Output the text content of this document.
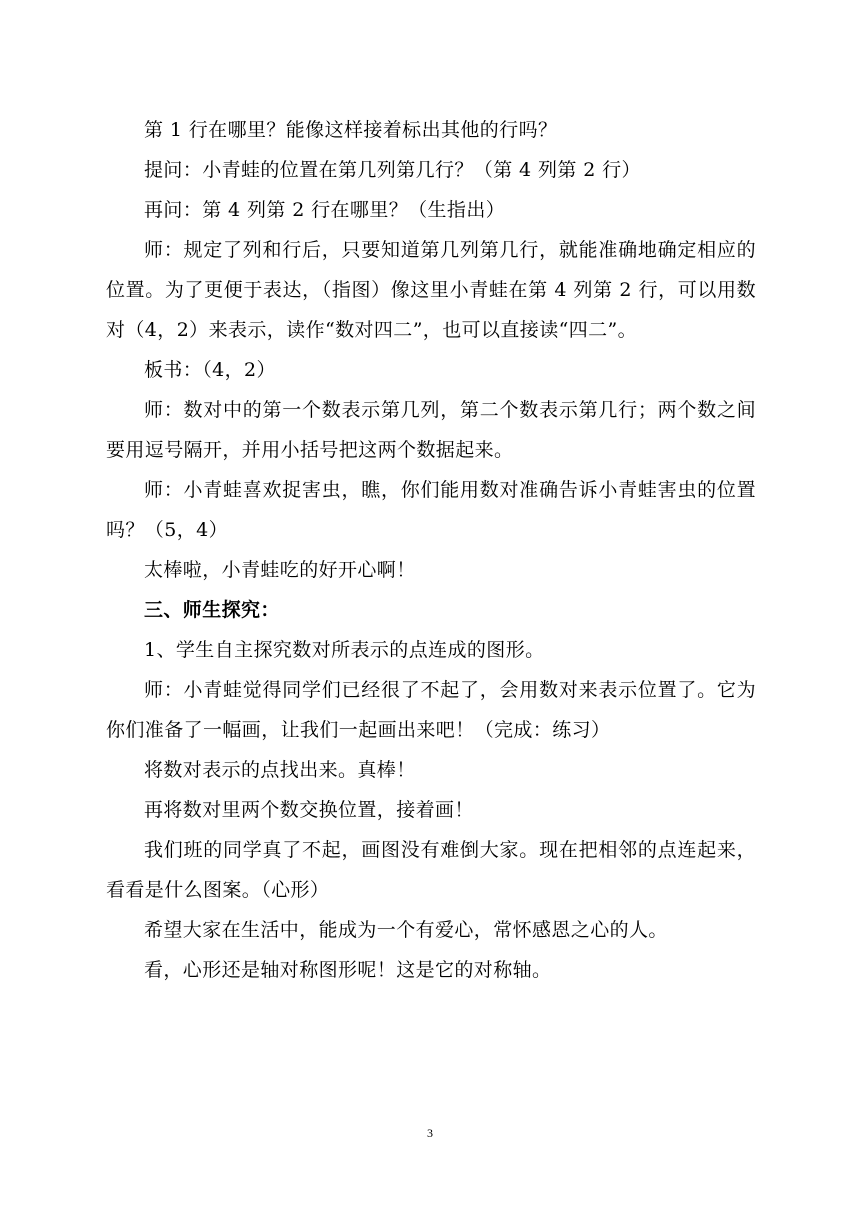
第 1 行在哪里？能像这样接着标出其他的行吗？

提问：小青蛙的位置在第几列第几行？（第 4 列第 2 行）

再问：第 4 列第 2 行在哪里？（生指出）

师：规定了列和行后，只要知道第几列第几行，就能准确地确定相应的位置。为了更便于表达，（指图）像这里小青蛙在第 4 列第 2 行，可以用数对（4，2）来表示，读作“数对四二”，也可以直接读“四二”。

板书：（4，2）

师：数对中的第一个数表示第几列，第二个数表示第几行；两个数之间要用逗号隔开，并用小括号把这两个数据起来。

师：小青蛙喜欢捉害虫，瞧，你们能用数对准确告诉小青蛙害虫的位置吗？（5，4）

太棒啦，小青蛙吃的好开心啊！

三、师生探究：

1、学生自主探究数对所表示的点连成的图形。

师：小青蛙觉得同学们已经很了不起了，会用数对来表示位置了。它为你们准备了一幅画，让我们一起画出来吧！（完成：练习）

将数对表示的点找出来。真棒！

再将数对里两个数交换位置，接着画！

我们班的同学真了不起，画图没有难倒大家。现在把相邻的点连起来，看看是什么图案。（心形）

希望大家在生活中，能成为一个有爱心，常怀感恩之心的人。

看，心形还是轴对称图形呢！这是它的对称轴。

3
